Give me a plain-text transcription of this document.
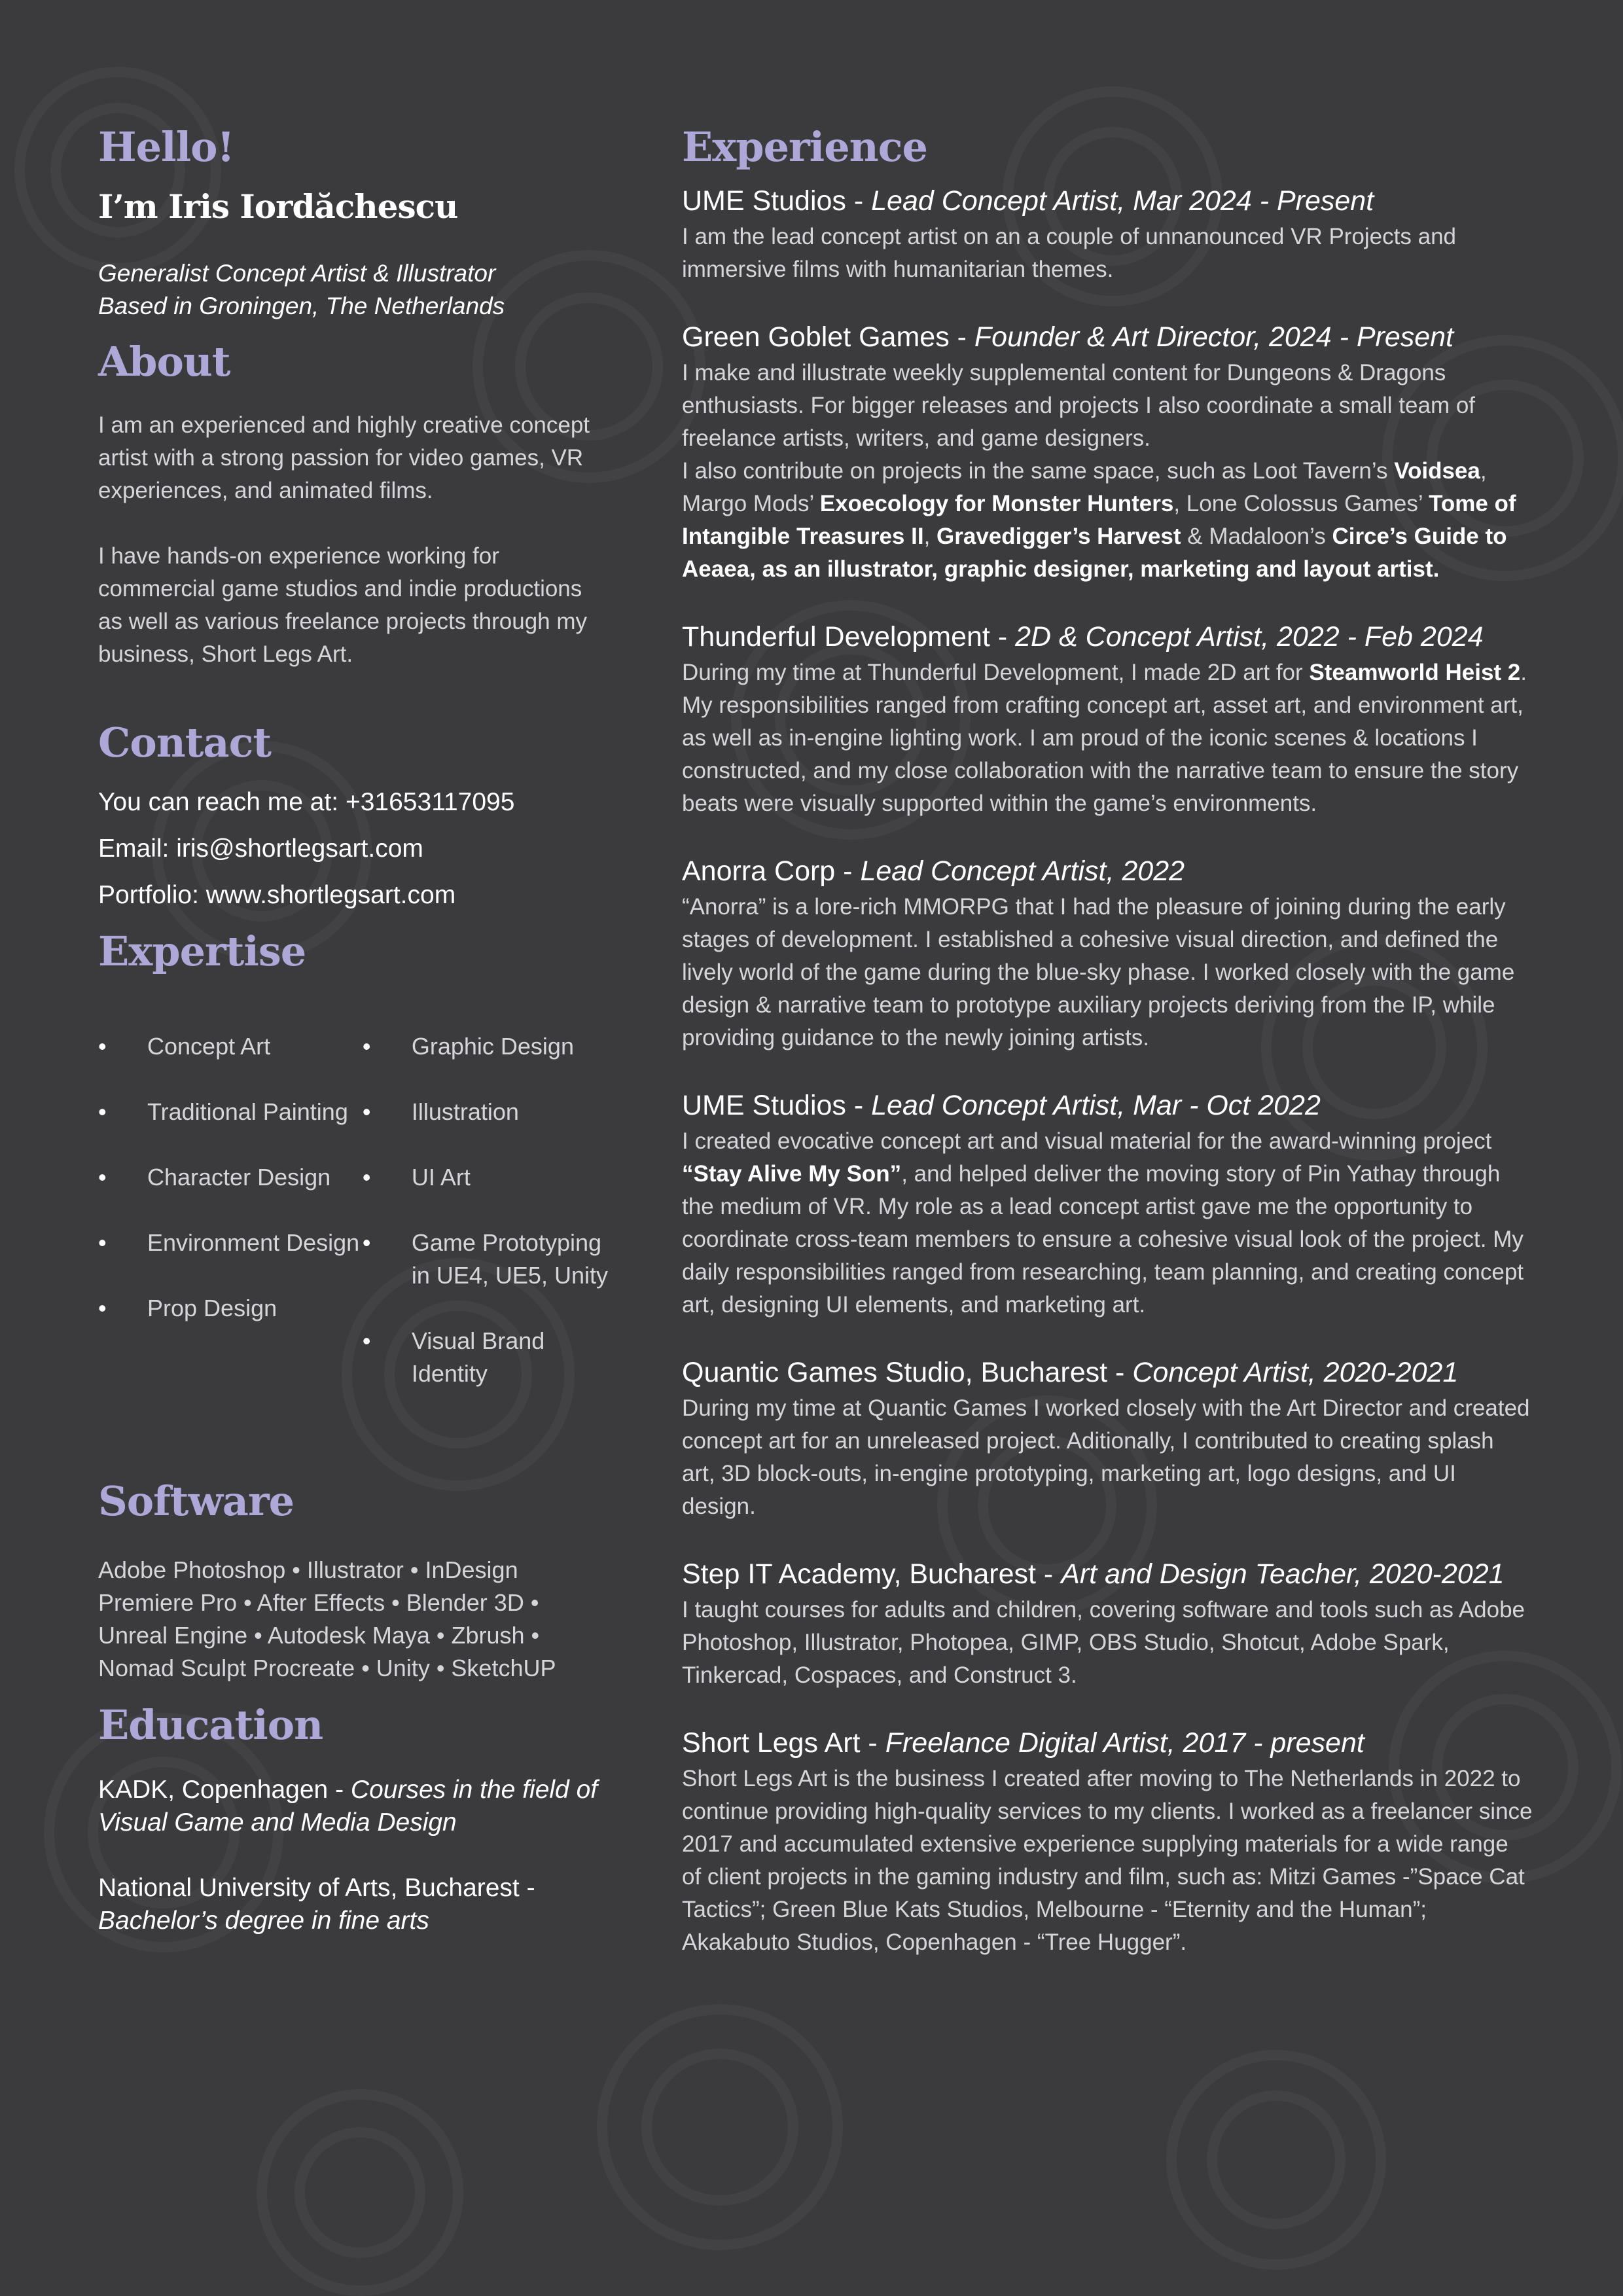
Hello!
I’m Iris Iordăchescu
Generalist Concept Artist & Illustrator
Based in Groningen, The Netherlands
About

I am an experienced and highly creative concept artist with a strong passion for video games, VR experiences, and animated films.

I have hands-on experience working for commercial game studios and indie productions as well as various freelance projects through my business, Short Legs Art.

Contact

You can reach me at: +31653117095

Email: iris@shortlegsart.com

Portfolio: www.shortlegsart.com

Expertise
• Concept Art
• Traditional Painting
• Character Design
• Environment Design
• Prop Design
• Graphic Design
• Illustration
• UI Art
• Game Prototyping in UE4, UE5, Unity
• Visual Brand Identity
Software

Adobe Photoshop • Illustrator • InDesign Premiere Pro • After Effects • Blender 3D • Unreal Engine • Autodesk Maya • Zbrush • Nomad Sculpt Procreate • Unity • SketchUP

Education

KADK, Copenhagen - Courses in the field of Visual Game and Media Design

National University of Arts, Bucharest - Bachelor’s degree in fine arts

Experience

UME Studios - Lead Concept Artist, Mar 2024 - Present

I am the lead concept artist on an a couple of unnanounced VR Projects and immersive films with humanitarian themes.

Green Goblet Games - Founder & Art Director, 2024 - Present

I make and illustrate weekly supplemental content for Dungeons & Dragons enthusiasts. For bigger releases and projects I also coordinate a small team of freelance artists, writers, and game designers.

I also contribute on projects in the same space, such as Loot Tavern’s Voidsea, Margo Mods’ Exoecology for Monster Hunters, Lone Colossus Games’ Tome of Intangible Treasures II, Gravedigger’s Harvest & Madaloon’s Circe’s Guide to Aeaea, as an illustrator, graphic designer, marketing and layout artist.

Thunderful Development - 2D & Concept Artist, 2022 - Feb 2024

During my time at Thunderful Development, I made 2D art for Steamworld Heist 2. My responsibilities ranged from crafting concept art, asset art, and environment art, as well as in-engine lighting work. I am proud of the iconic scenes & locations I constructed, and my close collaboration with the narrative team to ensure the story beats were visually supported within the game’s environments.

Anorra Corp - Lead Concept Artist, 2022

“Anorra” is a lore-rich MMORPG that I had the pleasure of joining during the early stages of development. I established a cohesive visual direction, and defined the lively world of the game during the blue-sky phase. I worked closely with the game design & narrative team to prototype auxiliary projects deriving from the IP, while providing guidance to the newly joining artists.

UME Studios - Lead Concept Artist, Mar - Oct 2022

I created evocative concept art and visual material for the award-winning project “Stay Alive My Son”, and helped deliver the moving story of Pin Yathay through the medium of VR. My role as a lead concept artist gave me the opportunity to coordinate cross-team members to ensure a cohesive visual look of the project. My daily responsibilities ranged from researching, team planning, and creating concept art, designing UI elements, and marketing art.

Quantic Games Studio, Bucharest - Concept Artist, 2020-2021

During my time at Quantic Games I worked closely with the Art Director and created concept art for an unreleased project. Aditionally, I contributed to creating splash art, 3D block-outs, in-engine prototyping, marketing art, logo designs, and UI design.

Step IT Academy, Bucharest - Art and Design Teacher, 2020-2021

I taught courses for adults and children, covering software and tools such as Adobe Photoshop, Illustrator, Photopea, GIMP, OBS Studio, Shotcut, Adobe Spark, Tinkercad, Cospaces, and Construct 3.

Short Legs Art - Freelance Digital Artist, 2017 - present

Short Legs Art is the business I created after moving to The Netherlands in 2022 to continue providing high-quality services to my clients. I worked as a freelancer since 2017 and accumulated extensive experience supplying materials for a wide range of client projects in the gaming industry and film, such as: Mitzi Games -”Space Cat Tactics”; Green Blue Kats Studios, Melbourne - “Eternity and the Human”; Akakabuto Studios, Copenhagen - “Tree Hugger”.
